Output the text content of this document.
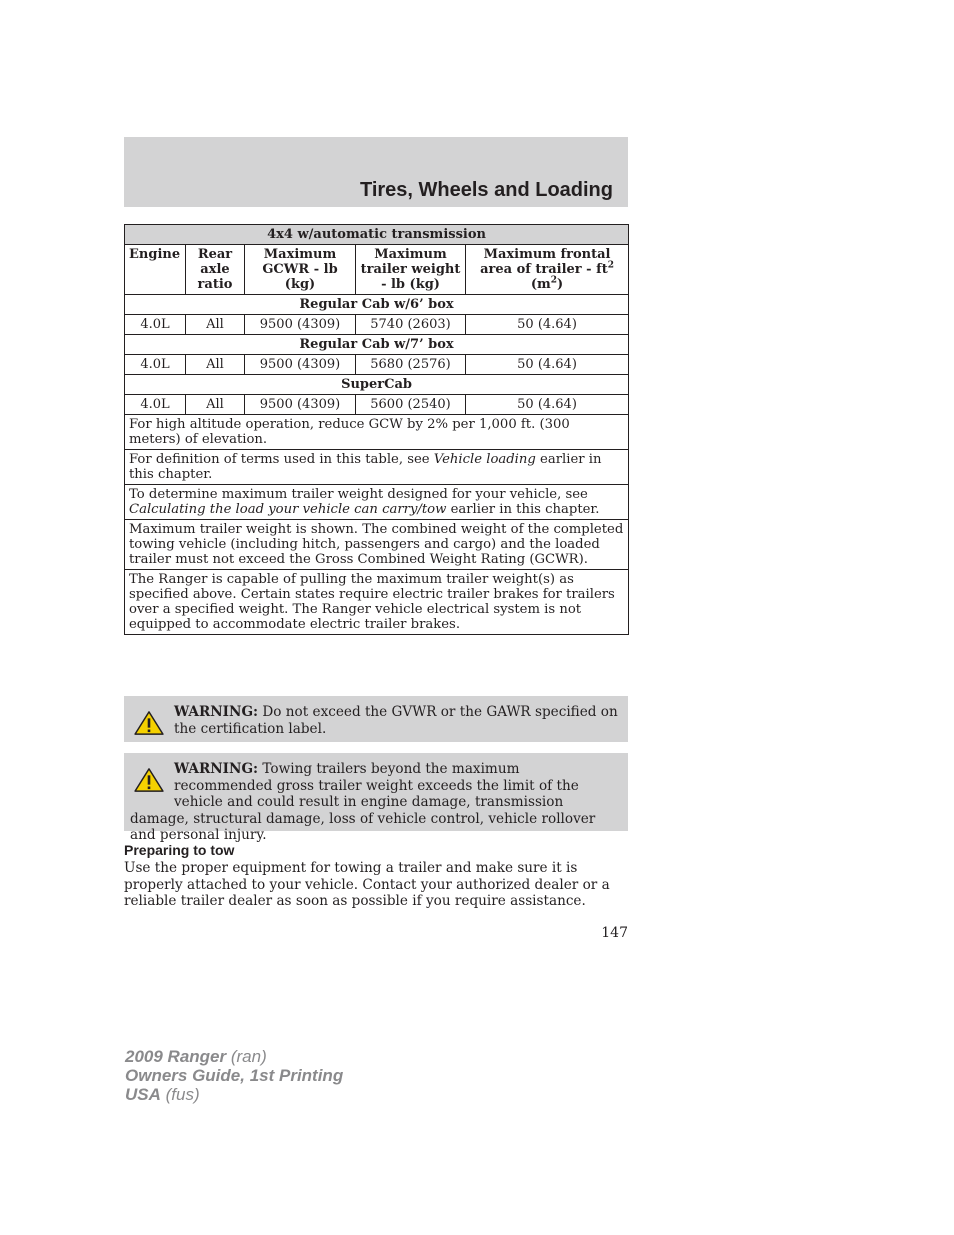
Tires, Wheels and Loading
4x4 w/automatic transmission				
Engine	Rear axle ratio	Maximum GCWR - lb (kg)	Maximum trailer weight - lb (kg)	Maximum frontal area of trailer - $ft^2$
$(m^2)$
Regular Cab w/6’ box				
4.0L	All	9500 (4309)	5740 (2603)	50 (4.64)
Regular Cab w/7’ box				
4.0L	All	9500 (4309)	5680 (2576)	50 (4.64)
SuperCab				
4.0L	All	9500 (4309)	5600 (2540)	50 (4.64)
For high altitude operation, reduce GCW by 2% per 1,000 ft. (300 meters) of elevation.				
For definition of terms used in this table, see Vehicle loading earlier in this chapter.				
To determine maximum trailer weight designed for your vehicle, see Calculating the load your vehicle can carry/tow earlier in this chapter.				
Maximum trailer weight is shown. The combined weight of the completed towing vehicle (including hitch, passengers and cargo) and the loaded trailer must not exceed the Gross Combined Weight Rating (GCWR).				
The Ranger is capable of pulling the maximum trailer weight(s) as specified above. Certain states require electric trailer brakes for trailers over a specified weight. The Ranger vehicle electrical system is not equipped to accommodate electric trailer brakes.				
WARNING: Do not exceed the GVWR or the GAWR specified on the certification label.
WARNING: Towing trailers beyond the maximum recommended gross trailer weight exceeds the limit of the vehicle and could result in engine damage, transmission damage, structural damage, loss of vehicle control, vehicle rollover and personal injury.
Preparing to tow
Use the proper equipment for towing a trailer and make sure it is properly attached to your vehicle. Contact your authorized dealer or a reliable trailer dealer as soon as possible if you require assistance.
147
2009 Ranger (ran)
Owners Guide, 1st Printing
USA (fus)
